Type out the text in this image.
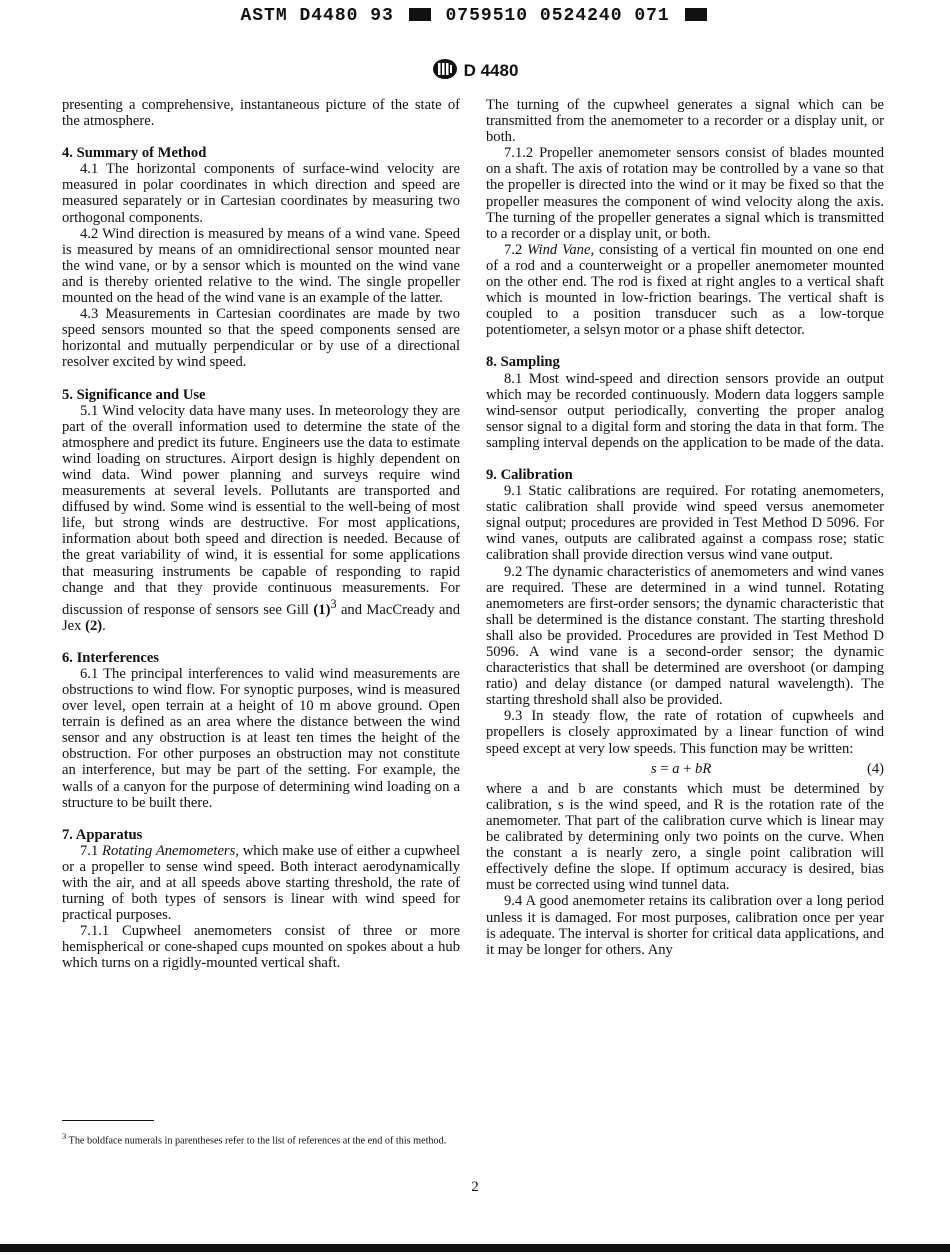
ASTM D4480 93	0759510 0524240 071
D 4480

presenting a comprehensive, instantaneous picture of the state of the atmosphere.

4. Summary of Method

4.1 The horizontal components of surface-wind velocity are measured in polar coordinates in which direction and speed are measured separately or in Cartesian coordinates by measuring two orthogonal components.

4.2 Wind direction is measured by means of a wind vane. Speed is measured by means of an omnidirectional sensor mounted near the wind vane, or by a sensor which is mounted on the wind vane and is thereby oriented relative to the wind. The single propeller mounted on the head of the wind vane is an example of the latter.

4.3 Measurements in Cartesian coordinates are made by two speed sensors mounted so that the speed components sensed are horizontal and mutually perpendicular or by use of a directional resolver excited by wind speed.

5. Significance and Use

5.1 Wind velocity data have many uses. In meteorology they are part of the overall information used to determine the state of the atmosphere and predict its future. Engineers use the data to estimate wind loading on structures. Airport design is highly dependent on wind data. Wind power planning and surveys require wind measurements at several levels. Pollutants are transported and diffused by wind. Some wind is essential to the well-being of most life, but strong winds are destructive. For most applications, information about both speed and direction is needed. Because of the great variability of wind, it is essential for some applications that measuring instruments be capable of responding to rapid change and that they provide continuous measurements. For discussion of response of sensors see Gill $(1)^3$ and MacCready and Jex (2).

6. Interferences

6.1 The principal interferences to valid wind measurements are obstructions to wind flow. For synoptic purposes, wind is measured over level, open terrain at a height of 10 m above ground. Open terrain is defined as an area where the distance between the wind sensor and any obstruction is at least ten times the height of the obstruction. For other purposes an obstruction may not constitute an interference, but may be part of the setting. For example, the walls of a canyon for the purpose of determining wind loading on a structure to be built there.

7. Apparatus

7.1 Rotating Anemometers, which make use of either a cupwheel or a propeller to sense wind speed. Both interact aerodynamically with the air, and at all speeds above starting threshold, the rate of turning of both types of sensors is linear with wind speed for practical purposes.

7.1.1 Cupwheel anemometers consist of three or more hemispherical or cone-shaped cups mounted on spokes about a hub which turns on a rigidly-mounted vertical shaft.

$^3$ The boldface numerals in parentheses refer to the list of references at the end of this method.

The turning of the cupwheel generates a signal which can be transmitted from the anemometer to a recorder or a display unit, or both.

7.1.2 Propeller anemometer sensors consist of blades mounted on a shaft. The axis of rotation may be controlled by a vane so that the propeller is directed into the wind or it may be fixed so that the propeller measures the component of wind velocity along the axis. The turning of the propeller generates a signal which is transmitted to a recorder or a display unit, or both.

7.2 Wind Vane, consisting of a vertical fin mounted on one end of a rod and a counterweight or a propeller anemometer mounted on the other end. The rod is fixed at right angles to a vertical shaft which is mounted in low-friction bearings. The vertical shaft is coupled to a position transducer such as a low-torque potentiometer, a selsyn motor or a phase shift detector.

8. Sampling

8.1 Most wind-speed and direction sensors provide an output which may be recorded continuously. Modern data loggers sample wind-sensor output periodically, converting the proper analog sensor signal to a digital form and storing the data in that form. The sampling interval depends on the application to be made of the data.

9. Calibration

9.1 Static calibrations are required. For rotating anemometers, static calibration shall provide wind speed versus anemometer signal output; procedures are provided in Test Method D 5096. For wind vanes, outputs are calibrated against a compass rose; static calibration shall provide direction versus wind vane output.

9.2 The dynamic characteristics of anemometers and wind vanes are required. These are determined in a wind tunnel. Rotating anemometers are first-order sensors; the dynamic characteristic that shall be determined is the distance constant. The starting threshold shall also be provided. Procedures are provided in Test Method D 5096. A wind vane is a second-order sensor; the dynamic characteristics that shall be determined are overshoot (or damping ratio) and delay distance (or damped natural wavelength). The starting threshold shall also be provided.

9.3 In steady flow, the rate of rotation of cupwheels and propellers is closely approximated by a linear function of wind speed except at very low speeds. This function may be written:

s = a + bR	(4)

where a and b are constants which must be determined by calibration, s is the wind speed, and R is the rotation rate of the anemometer. That part of the calibration curve which is linear may be calibrated by determining only two points on the curve. When the constant a is nearly zero, a single point calibration will effectively define the slope. If optimum accuracy is desired, bias must be corrected using wind tunnel data.

9.4 A good anemometer retains its calibration over a long period unless it is damaged. For most purposes, calibration once per year is adequate. The interval is shorter for critical data applications, and it may be longer for others. Any

2
